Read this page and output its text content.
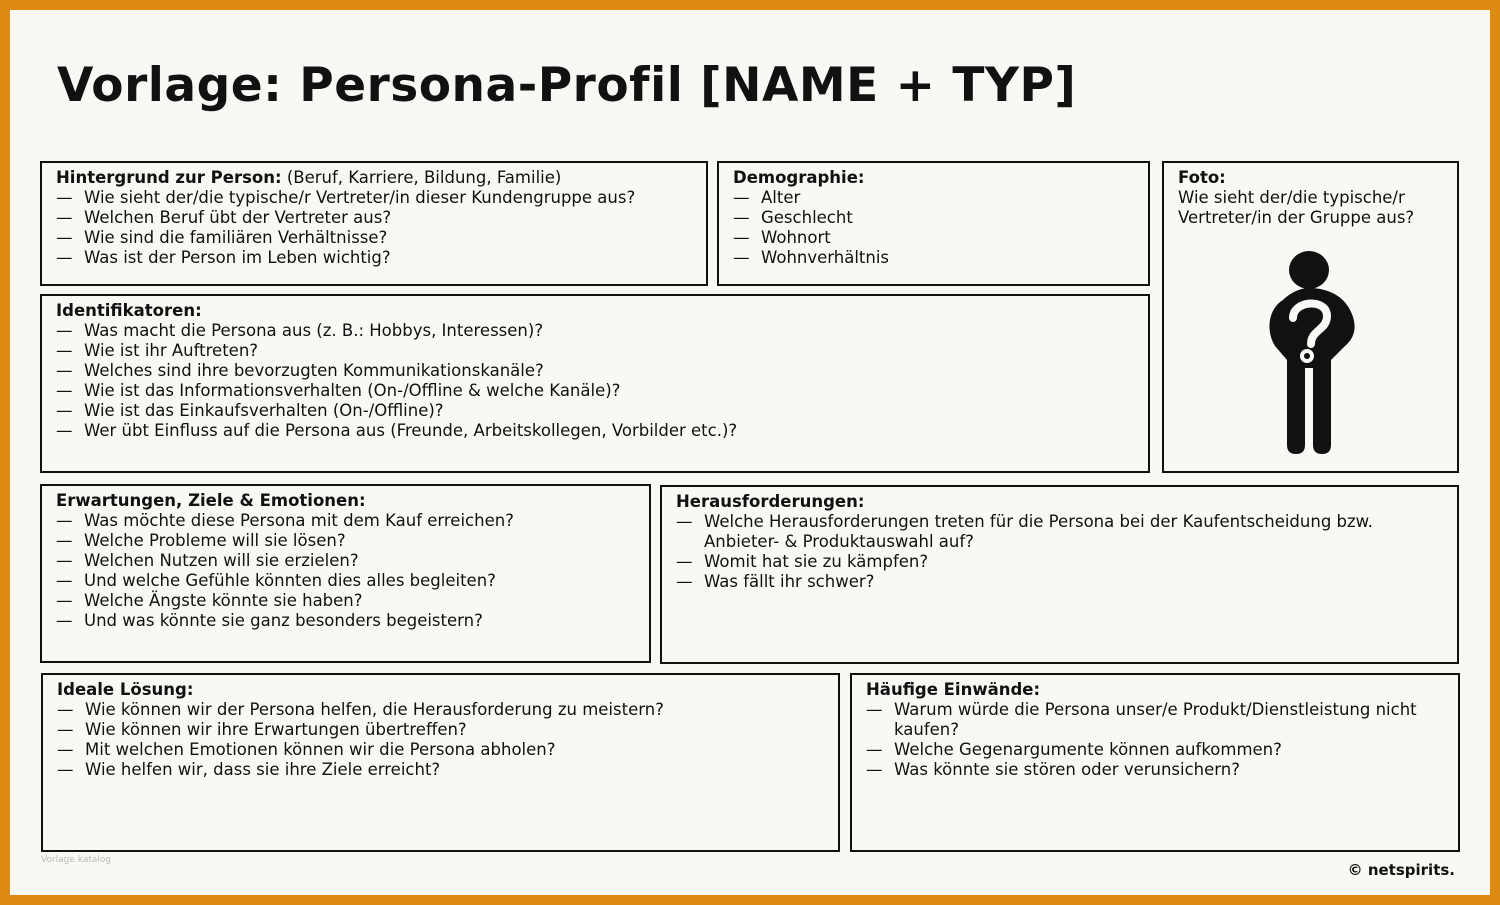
Vorlage: Persona-Profil [NAME + TYP]
Hintergrund zur Person: (Beruf, Karriere, Bildung, Familie)
— Wie sieht der/die typische/r Vertreter/in dieser Kundengruppe aus?
— Welchen Beruf übt der Vertreter aus?
— Wie sind die familiären Verhältnisse?
— Was ist der Person im Leben wichtig?
Demographie:
— Alter
— Geschlecht
— Wohnort
— Wohnverhältnis
Foto:
Wie sieht der/die typische/r
Vertreter/in der Gruppe aus?
Identifikatoren:
— Was macht die Persona aus (z. B.: Hobbys, Interessen)?
— Wie ist ihr Auftreten?
— Welches sind ihre bevorzugten Kommunikationskanäle?
— Wie ist das Informationsverhalten (On-/Offline & welche Kanäle)?
— Wie ist das Einkaufsverhalten (On-/Offline)?
— Wer übt Einfluss auf die Persona aus (Freunde, Arbeitskollegen, Vorbilder etc.)?
Erwartungen, Ziele & Emotionen:
— Was möchte diese Persona mit dem Kauf erreichen?
— Welche Probleme will sie lösen?
— Welchen Nutzen will sie erzielen?
— Und welche Gefühle könnten dies alles begleiten?
— Welche Ängste könnte sie haben?
— Und was könnte sie ganz besonders begeistern?
Herausforderungen:
— Welche Herausforderungen treten für die Persona bei der Kaufentscheidung bzw. Anbieter- & Produktauswahl auf?
— Womit hat sie zu kämpfen?
— Was fällt ihr schwer?
Ideale Lösung:
— Wie können wir der Persona helfen, die Herausforderung zu meistern?
— Wie können wir ihre Erwartungen übertreffen?
— Mit welchen Emotionen können wir die Persona abholen?
— Wie helfen wir, dass sie ihre Ziele erreicht?
Häufige Einwände:
— Warum würde die Persona unser/e Produkt/Dienstleistung nicht kaufen?
— Welche Gegenargumente können aufkommen?
— Was könnte sie stören oder verunsichern?
Vorlage katalog
© netspirits.
